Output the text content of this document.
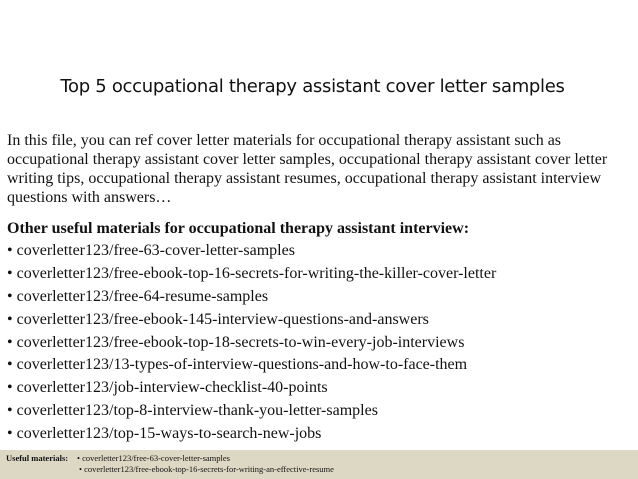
Top 5 occupational therapy assistant cover letter samples
In this file, you can ref cover letter materials for occupational therapy assistant such as
occupational therapy assistant cover letter samples, occupational therapy assistant cover letter
writing tips, occupational therapy assistant resumes, occupational therapy assistant interview
questions with answers…
Other useful materials for occupational therapy assistant interview:
• coverletter123/free-63-cover-letter-samples
• coverletter123/free-ebook-top-16-secrets-for-writing-the-killer-cover-letter
• coverletter123/free-64-resume-samples
• coverletter123/free-ebook-145-interview-questions-and-answers
• coverletter123/free-ebook-top-18-secrets-to-win-every-job-interviews
• coverletter123/13-types-of-interview-questions-and-how-to-face-them
• coverletter123/job-interview-checklist-40-points
• coverletter123/top-8-interview-thank-you-letter-samples
• coverletter123/top-15-ways-to-search-new-jobs
Useful materials: • coverletter123/free-63-cover-letter-samples
• coverletter123/free-ebook-top-16-secrets-for-writing-an-effective-resume
